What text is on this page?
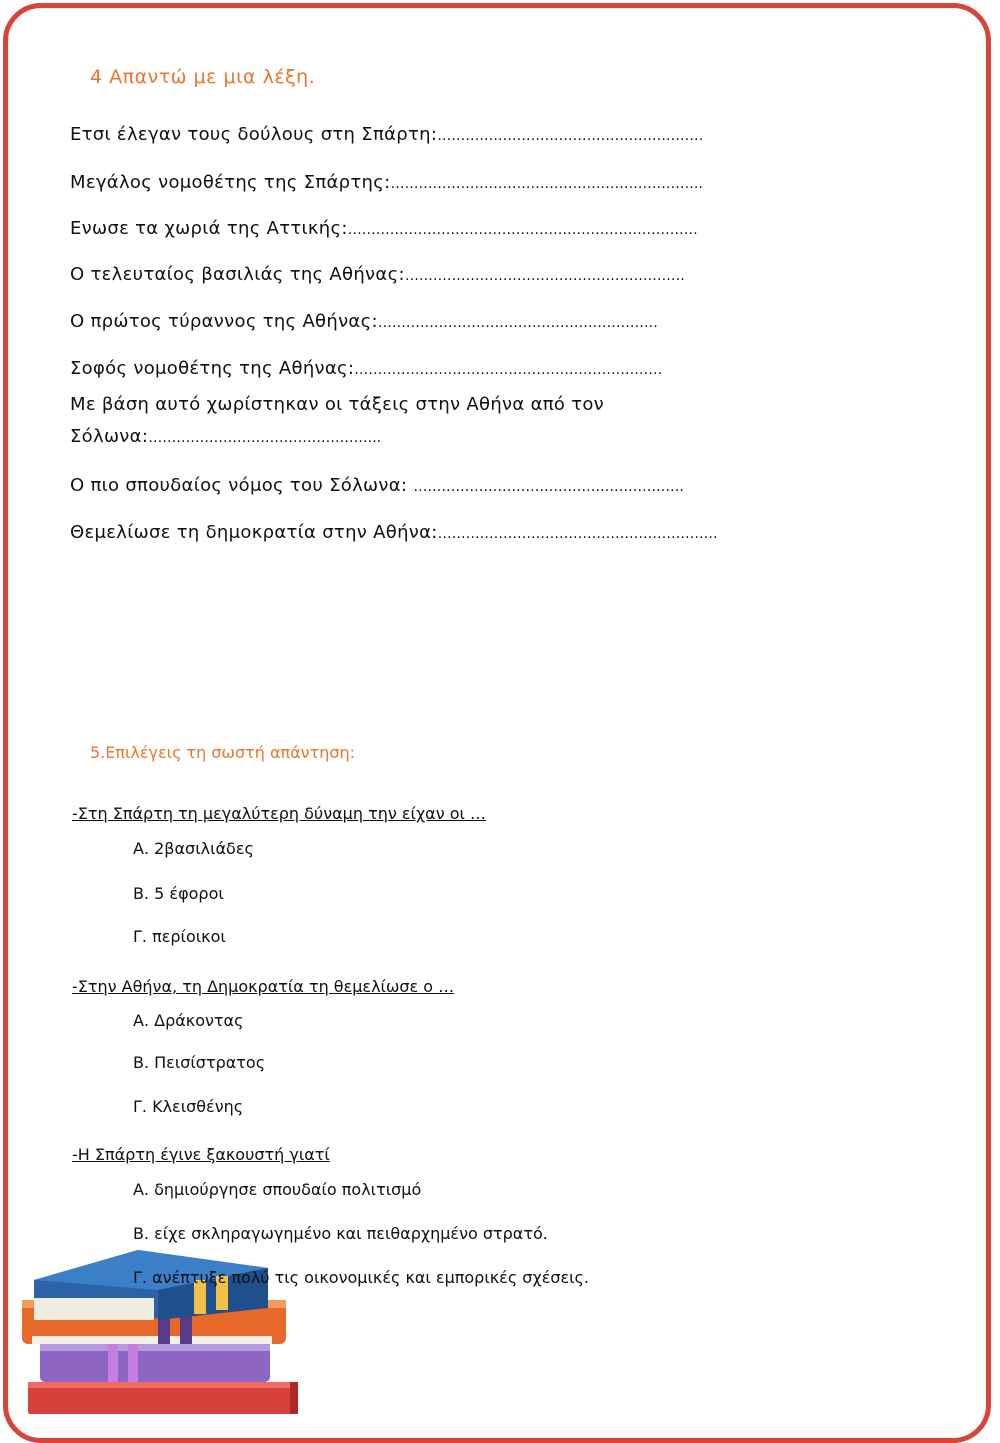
4 Απαντώ με μια λέξη.
Ετσι έλεγαν τους δούλους στη Σπάρτη:…………………………………………………
Μεγάλος νομοθέτης της Σπάρτης:………………………………………………………….
Ενωσε τα χωριά της Αττικής:…………………………………………………………………
Ο τελευταίος βασιλιάς της Αθήνας:……………………………………………………
Ο πρώτος τύραννος της Αθήνας:……………………………………………………
Σοφός νομοθέτης της Αθήνας:…………………………………………………………
Με βάση αυτό χωρίστηκαν οι τάξεις στην Αθήνα από τον
Σόλωνα:…………………………………………..
Ο πιο σπουδαίος νόμος του Σόλωνα: ………………………………………………….
Θεμελίωσε τη δημοκρατία στην Αθήνα:……………………………………………………
5.Επιλέγεις τη σωστή απάντηση:
-Στη Σπάρτη τη μεγαλύτερη δύναμη την είχαν οι …
Α. 2βασιλιάδες
Β. 5 έφοροι
Γ. περίοικοι
-Στην Αθήνα, τη Δημοκρατία τη θεμελίωσε ο …
Α. Δράκοντας
Β. Πεισίστρατος
Γ. Κλεισθένης
-Η Σπάρτη έγινε ξακουστή γιατί
Α. δημιούργησε σπουδαίο πολιτισμό
Β. είχε σκληραγωγημένο και πειθαρχημένο στρατό.
Γ. ανέπτυξε πολύ τις οικονομικές και εμπορικές σχέσεις.
